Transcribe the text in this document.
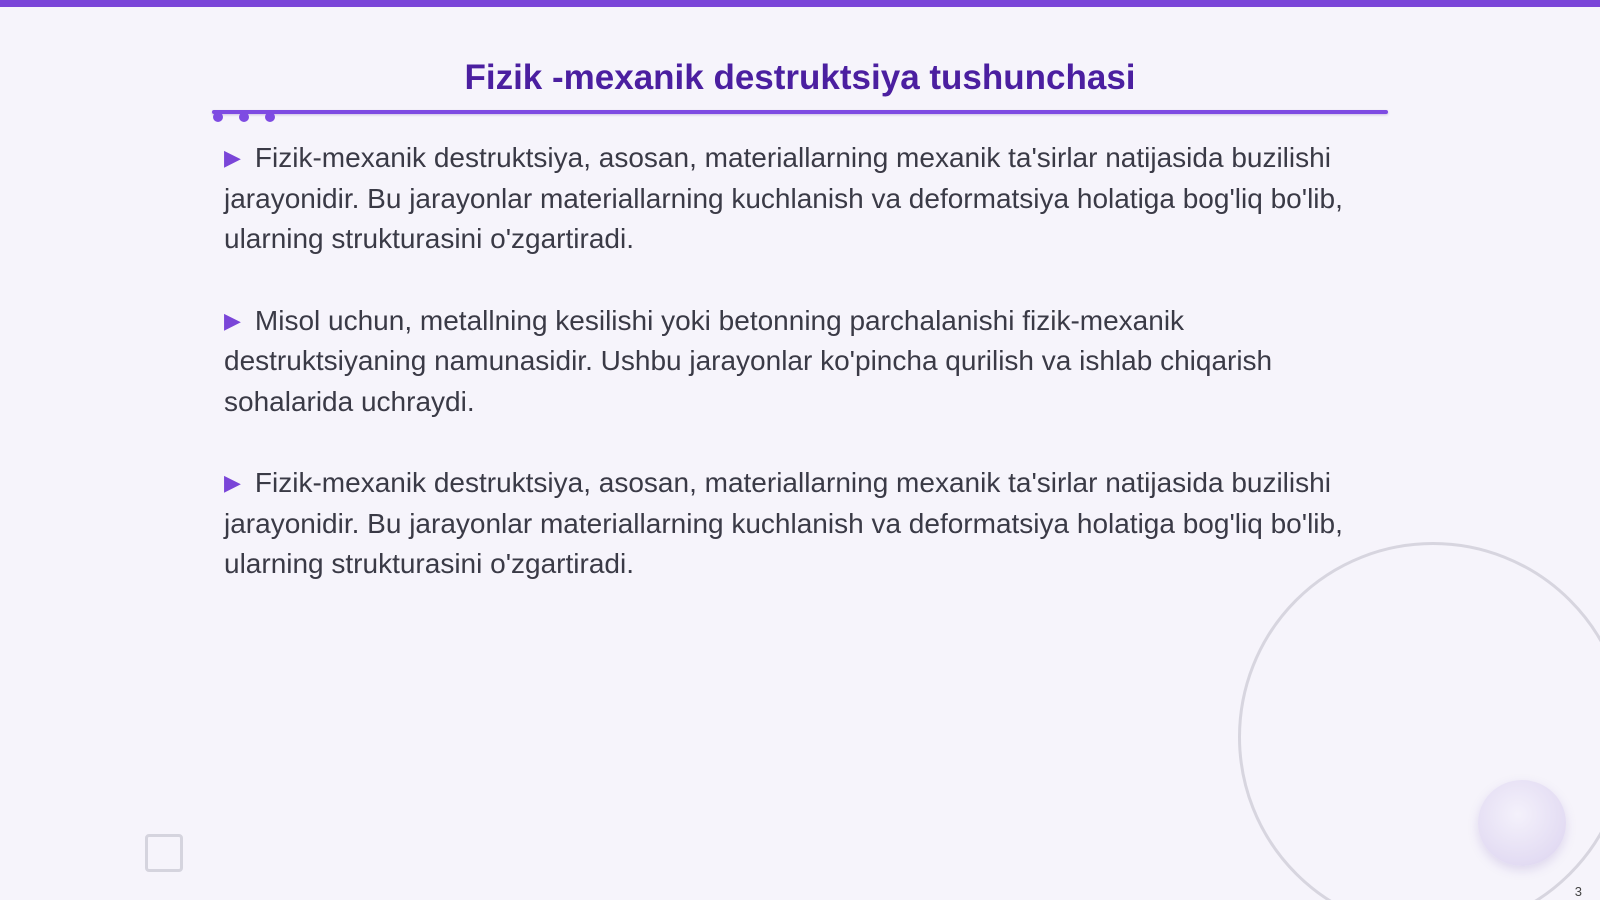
Fizik -mexanik destruktsiya tushunchasi

▶ Fizik-mexanik destruktsiya, asosan, materiallarning mexanik ta'sirlar natijasida buzilishi jarayonidir. Bu jarayonlar materiallarning kuchlanish va deformatsiya holatiga bog'liq bo'lib, ularning strukturasini o'zgartiradi.

▶ Misol uchun, metallning kesilishi yoki betonning parchalanishi fizik-mexanik destruktsiyaning namunasidir. Ushbu jarayonlar ko'pincha qurilish va ishlab chiqarish sohalarida uchraydi.

▶ Fizik-mexanik destruktsiya, asosan, materiallarning mexanik ta'sirlar natijasida buzilishi jarayonidir. Bu jarayonlar materiallarning kuchlanish va deformatsiya holatiga bog'liq bo'lib, ularning strukturasini o'zgartiradi.

3
